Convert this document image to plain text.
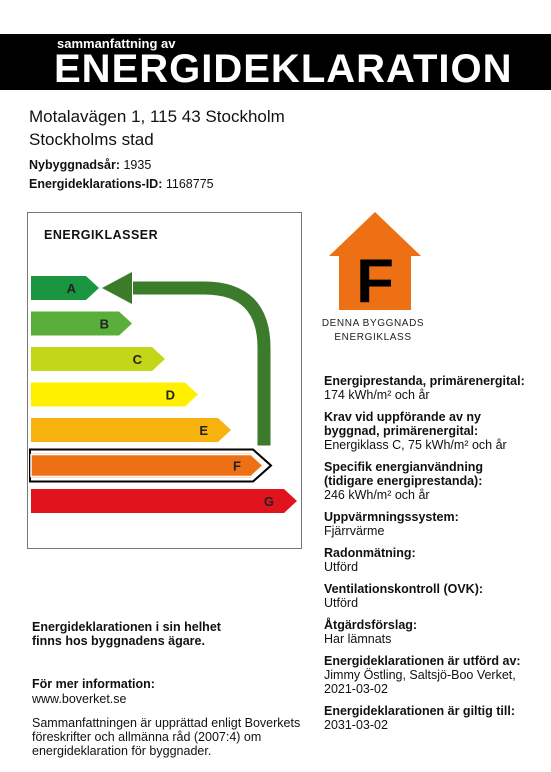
sammanfattning av
ENERGIDEKLARATION
Motalavägen 1, 115 43 Stockholm
Stockholms stad
Nybyggnadsår: 1935
Energideklarations-ID: 1168775
ENERGIKLASSER
A
B
C
D
E
F
G
F
DENNA BYGGNADS
ENERGIKLASS
Energiprestanda, primärenergital:
174 kWh/m² och år
Krav vid uppförande av ny byggnad, primärenergital:
Energiklass C, 75 kWh/m² och år
Specifik energianvändning (tidigare energiprestanda):
246 kWh/m² och år
Uppvärmningssystem:
Fjärrvärme
Radonmätning:
Utförd
Ventilationskontroll (OVK):
Utförd
Åtgärdsförslag:
Har lämnats
Energideklarationen är utförd av:
Jimmy Östling, Saltsjö-Boo Verket, 2021-03-02
Energideklarationen är giltig till:
2031-03-02
Energideklarationen i sin helhet finns hos byggnadens ägare.
För mer information:
www.boverket.se
Sammanfattningen är upprättad enligt Boverkets föreskrifter och allmänna råd (2007:4) om energideklaration för byggnader.
